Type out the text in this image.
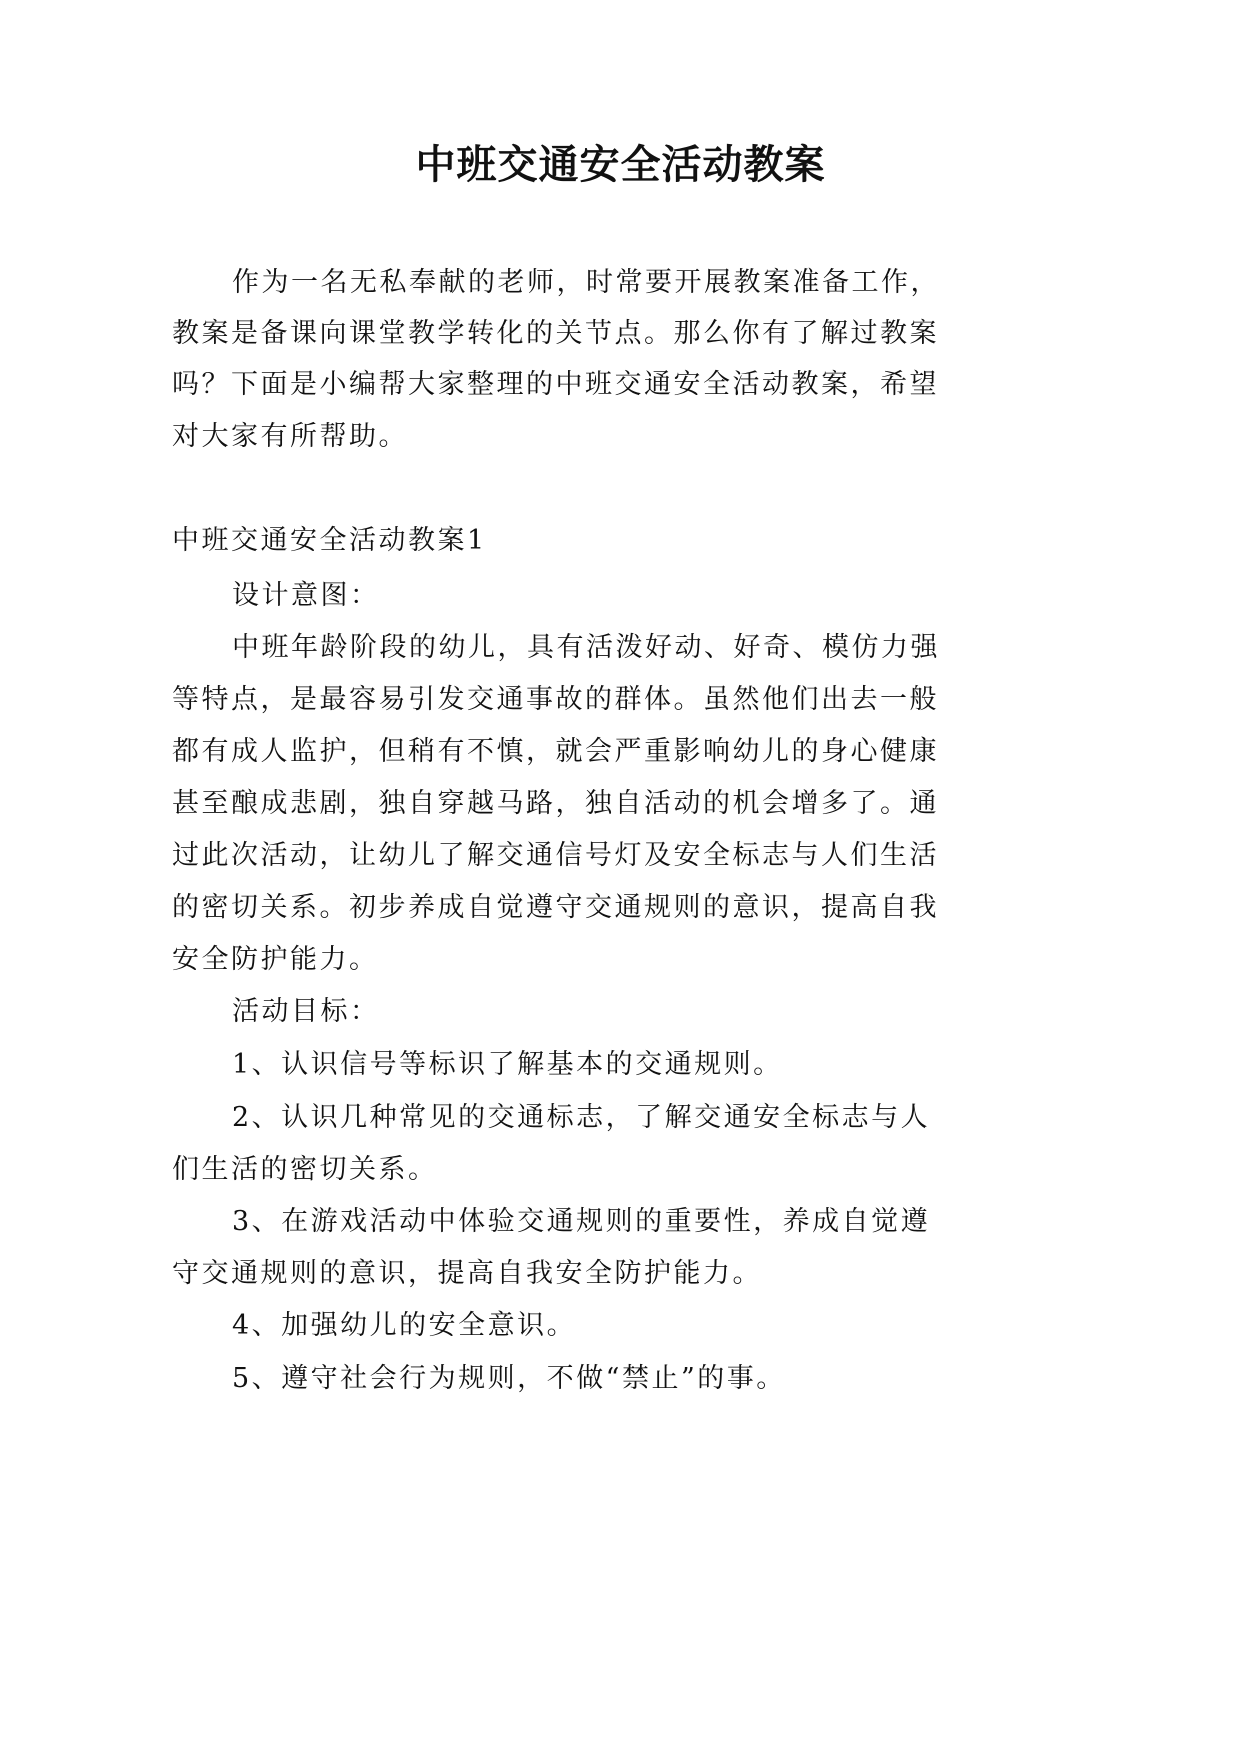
中班交通安全活动教案
作为一名无私奉献的老师，时常要开展教案准备工作，
教案是备课向课堂教学转化的关节点。那么你有了解过教案
吗？下面是小编帮大家整理的中班交通安全活动教案，希望
对大家有所帮助。
中班交通安全活动教案1
设计意图：
中班年龄阶段的幼儿，具有活泼好动、好奇、模仿力强
等特点，是最容易引发交通事故的群体。虽然他们出去一般
都有成人监护，但稍有不慎，就会严重影响幼儿的身心健康
甚至酿成悲剧，独自穿越马路，独自活动的机会增多了。通
过此次活动，让幼儿了解交通信号灯及安全标志与人们生活
的密切关系。初步养成自觉遵守交通规则的意识，提高自我
安全防护能力。
活动目标：
1、认识信号等标识了解基本的交通规则。
2、认识几种常见的交通标志，了解交通安全标志与人
们生活的密切关系。
3、在游戏活动中体验交通规则的重要性，养成自觉遵
守交通规则的意识，提高自我安全防护能力。
4、加强幼儿的安全意识。
5、遵守社会行为规则，不做“禁止”的事。
